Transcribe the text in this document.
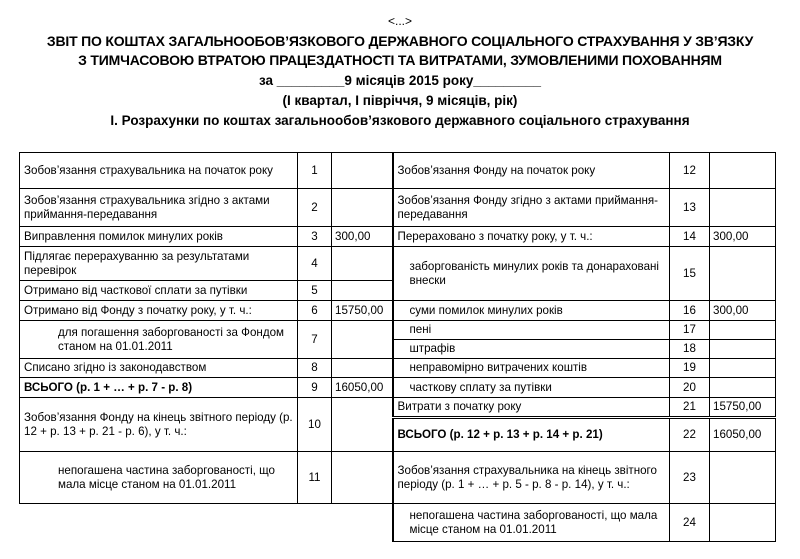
<...>
ЗВІТ ПО КОШТАХ ЗАГАЛЬНООБОВ’ЯЗКОВОГО ДЕРЖАВНОГО СОЦІАЛЬНОГО СТРАХУВАННЯ У ЗВ’ЯЗКУ
З ТИМЧАСОВОЮ ВТРАТОЮ ПРАЦЕЗДАТНОСТІ ТА ВИТРАТАМИ, ЗУМОВЛЕНИМИ ПОХОВАННЯМ
за _________9 місяців 2015 року_________
(I квартал, I півріччя, 9 місяців, рік)
I. Розрахунки по коштах загальнообов’язкового державного соціального страхування
Зобов’язання страхувальника на початок року	1		Зобов’язання Фонду на початок року	12	
Зобов’язання страхувальника згідно з актами приймання-передавання	2		Зобов’язання Фонду згідно з актами приймання-передавання	13	
Виправлення помилок минулих років	3	300,00	Перераховано з початку року, у т. ч.:	14	300,00
Підлягає перерахуванню за результатами перевірок	4		заборгованість минулих років та донараховані внески	15	
Отримано від часткової сплати за путівки	5				
Отримано від Фонду з початку року, у т. ч.:	6	15750,00	суми помилок минулих років	16	300,00
для погашення заборгованості за Фондом станом на 01.01.2011	7		пені	17	
			штрафів	18	
Списано згідно із законодавством	8		неправомірно витрачених коштів	19	
ВСЬОГО (р. 1 + … + р. 7 - р. 8)	9	16050,00	часткову сплату за путівки	20	
Зобов’язання Фонду на кінець звітного періоду (р. 12 + р. 13 + р. 21 - р. 6), у т. ч.:	10		Витрати з початку року	21	15750,00
			ВСЬОГО (р. 12 + р. 13 + р. 14 + р. 21)	22	16050,00
непогашена частина заборгованості, що мала місце станом на 01.01.2011	11		Зобов’язання страхувальника на кінець звітного періоду (р. 1 + … + р. 5 - р. 8 - р. 14), у т. ч.:	23	
			непогашена частина заборгованості, що мала місце станом на 01.01.2011	24	
